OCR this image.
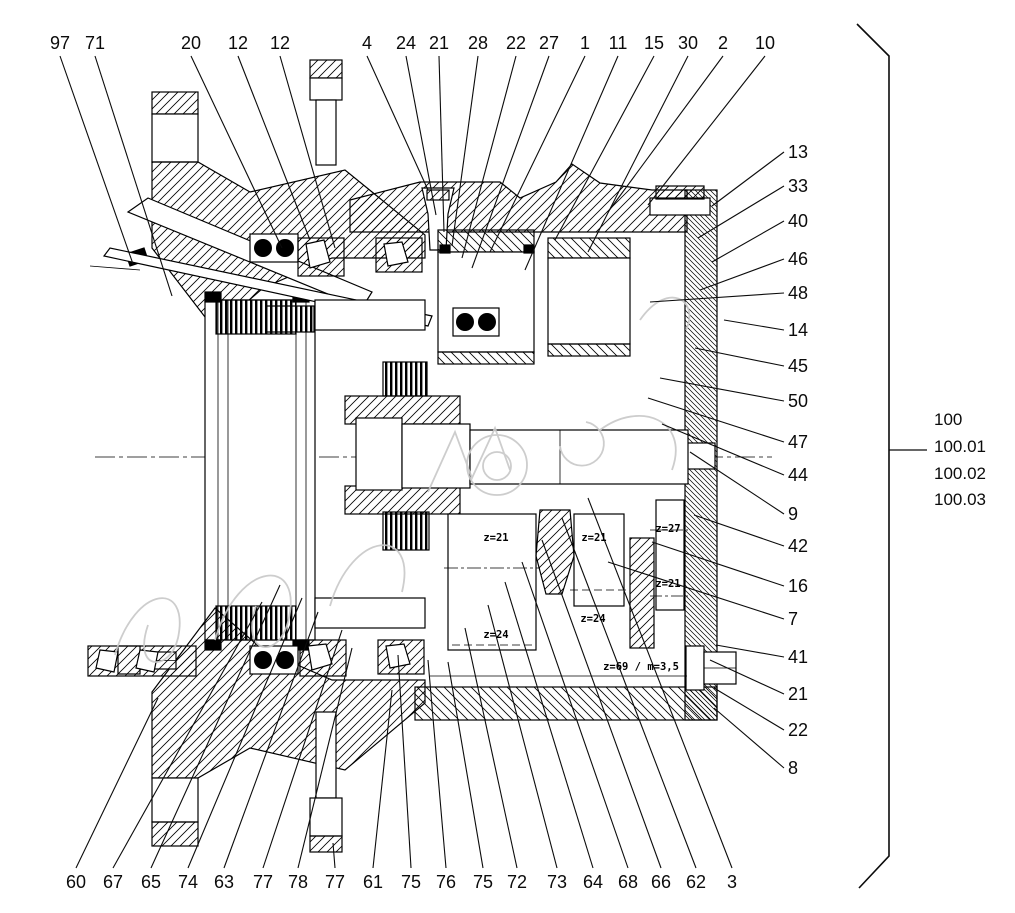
97 71	20 12 12	4 24 21 28 22 27 1 11 15 30 2 10
13
33
40
46
48
14
45
50
47
44
9
42
16
7
41
21
22
8
60 67 65 74 63 77 78 77 61 75 76 75 72 73 64 68 66 62 3
z=21	z=21
z=27
z=21
z=24
z=24
z=69 / m=3,5
100
100.01
100.02
100.03
